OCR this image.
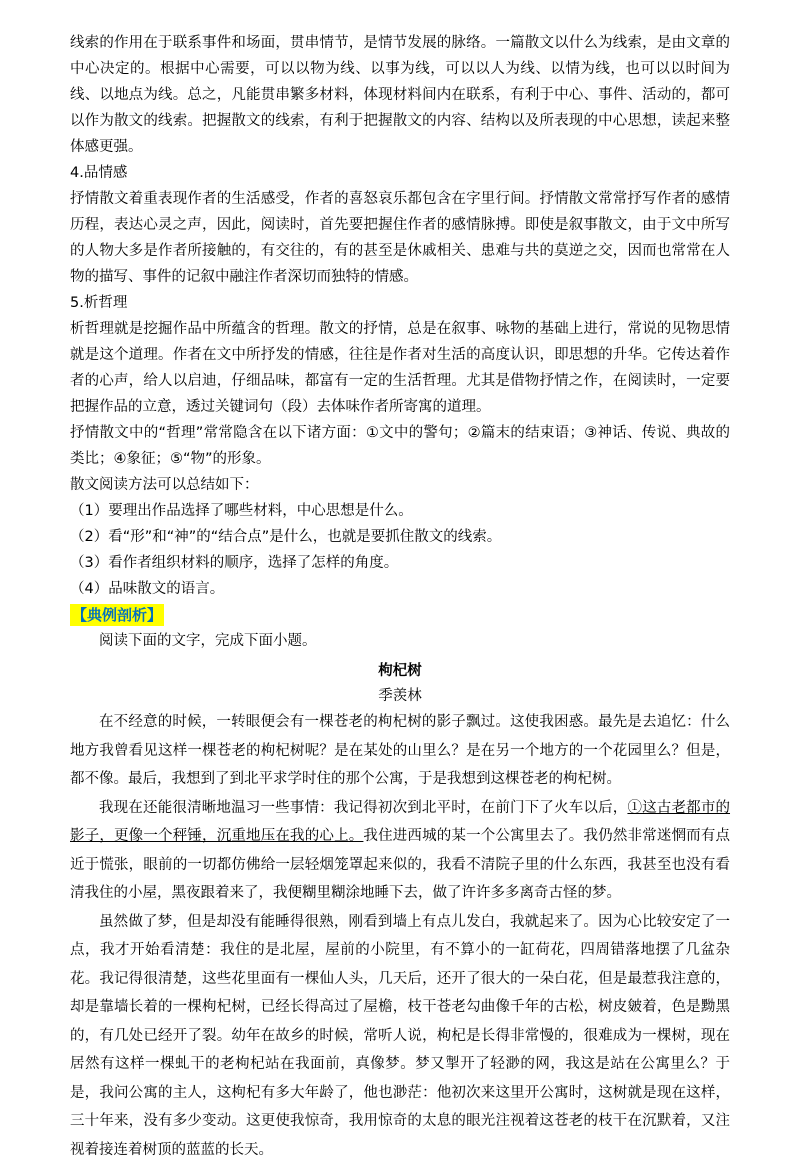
线索的作用在于联系事件和场面，贯串情节，是情节发展的脉络。一篇散文以什么为线索，是由文章的中心决定的。根据中心需要，可以以物为线、以事为线，可以以人为线、以情为线，也可以以时间为线、以地点为线。总之，凡能贯串繁多材料，体现材料间内在联系，有利于中心、事件、活动的，都可以作为散文的线索。把握散文的线索，有利于把握散文的内容、结构以及所表现的中心思想，读起来整体感更强。

4.品情感

抒情散文着重表现作者的生活感受，作者的喜怒哀乐都包含在字里行间。抒情散文常常抒写作者的感情历程，表达心灵之声，因此，阅读时，首先要把握住作者的感情脉搏。即使是叙事散文，由于文中所写的人物大多是作者所接触的，有交往的，有的甚至是休戚相关、患难与共的莫逆之交，因而也常常在人物的描写、事件的记叙中融注作者深切而独特的情感。

5.析哲理

析哲理就是挖掘作品中所蕴含的哲理。散文的抒情，总是在叙事、咏物的基础上进行，常说的见物思情就是这个道理。作者在文中所抒发的情感，往往是作者对生活的高度认识，即思想的升华。它传达着作者的心声，给人以启迪，仔细品味，都富有一定的生活哲理。尤其是借物抒情之作，在阅读时，一定要把握作品的立意，透过关键词句（段）去体味作者所寄寓的道理。

抒情散文中的“哲理”常常隐含在以下诸方面：①文中的警句；②篇末的结束语；③神话、传说、典故的类比；④象征；⑤“物”的形象。

散文阅读方法可以总结如下：

（1）要理出作品选择了哪些材料，中心思想是什么。

（2）看“形”和“神”的“结合点”是什么，也就是要抓住散文的线索。

（3）看作者组织材料的顺序，选择了怎样的角度。

（4）品味散文的语言。

【典例剖析】

阅读下面的文字，完成下面小题。

枸杞树

季羡林

在不经意的时候，一转眼便会有一棵苍老的枸杞树的影子飘过。这使我困惑。最先是去追忆：什么地方我曾看见这样一棵苍老的枸杞树呢？是在某处的山里么？是在另一个地方的一个花园里么？但是，都不像。最后，我想到了到北平求学时住的那个公寓，于是我想到这棵苍老的枸杞树。

我现在还能很清晰地温习一些事情：我记得初次到北平时，在前门下了火车以后，①这古老都市的影子，更像一个秤锤，沉重地压在我的心上。我住进西城的某一个公寓里去了。我仍然非常迷惘而有点近于慌张，眼前的一切都仿佛给一层轻烟笼罩起来似的，我看不清院子里的什么东西，我甚至也没有看清我住的小屋，黑夜跟着来了，我便糊里糊涂地睡下去，做了许许多多离奇古怪的梦。

虽然做了梦，但是却没有能睡得很熟，刚看到墙上有点儿发白，我就起来了。因为心比较安定了一点，我才开始看清楚：我住的是北屋，屋前的小院里，有不算小的一缸荷花，四周错落地摆了几盆杂花。我记得很清楚，这些花里面有一棵仙人头，几天后，还开了很大的一朵白花，但是最惹我注意的，却是靠墙长着的一棵枸杞树，已经长得高过了屋檐，枝干苍老勾曲像千年的古松，树皮皴着，色是黝黑的，有几处已经开了裂。幼年在故乡的时候，常听人说，枸杞是长得非常慢的，很难成为一棵树，现在居然有这样一棵虬干的老枸杞站在我面前，真像梦。梦又掣开了轻渺的网，我这是站在公寓里么？于是，我问公寓的主人，这枸杞有多大年龄了，他也渺茫：他初次来这里开公寓时，这树就是现在这样，三十年来，没有多少变动。这更使我惊奇，我用惊奇的太息的眼光注视着这苍老的枝干在沉默着，又注视着接连着树顶的蓝蓝的长天。
